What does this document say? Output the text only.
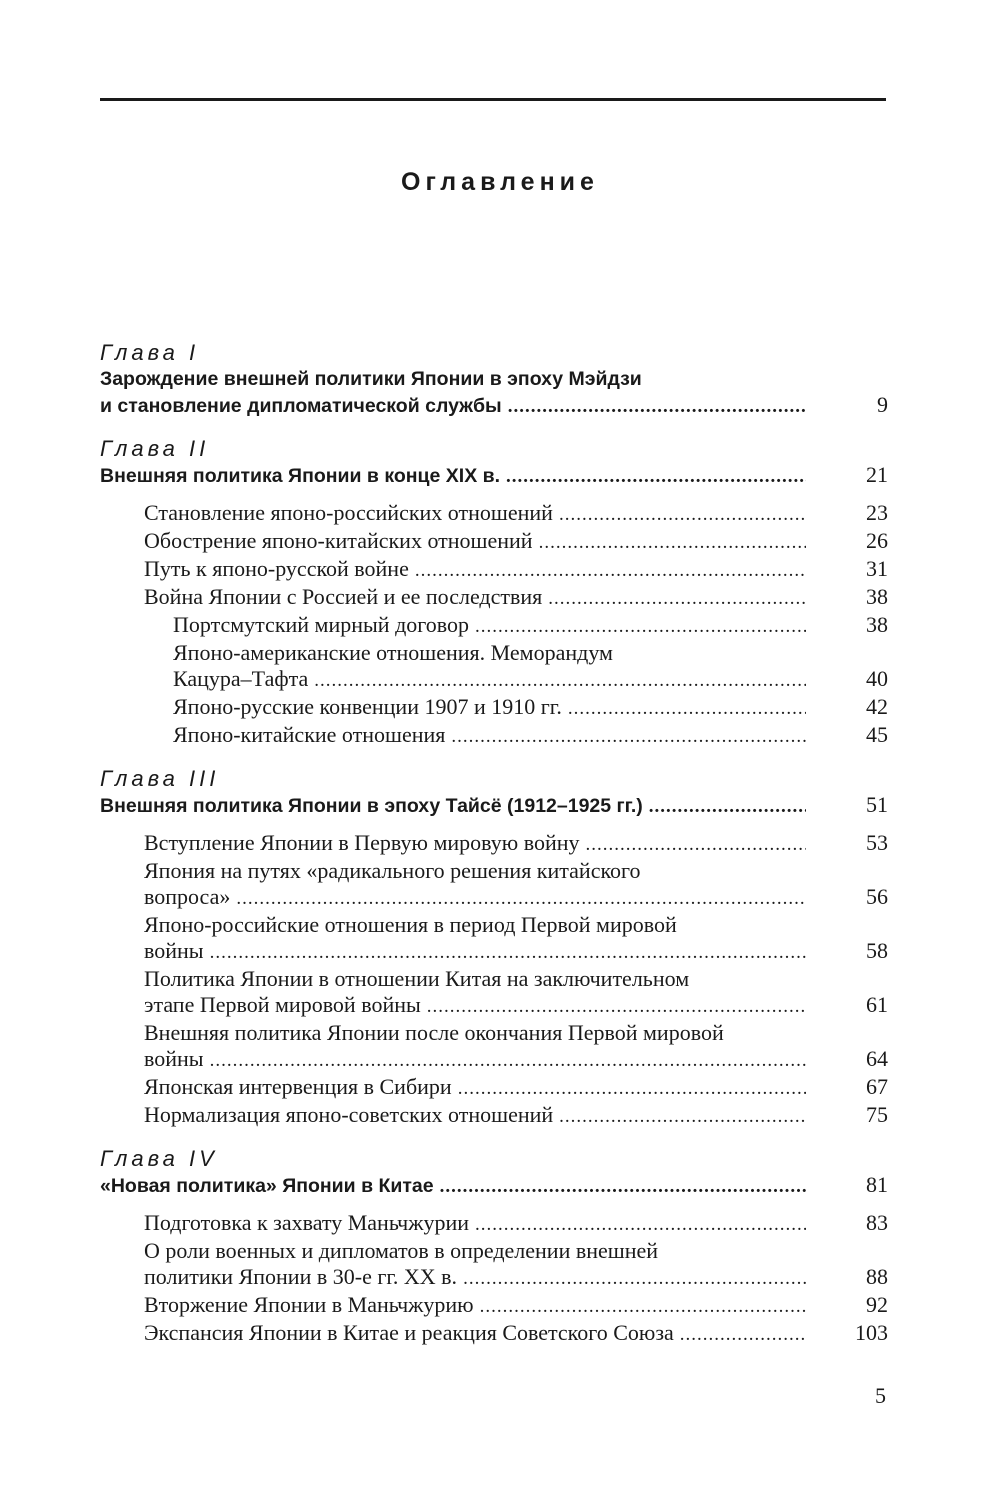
Оглавление
Глава I
Зарождение внешней политики Японии в эпоху Мэйдзи
и становление дипломатической службы .....	9
Глава II
Внешняя политика Японии в конце XIX в. .....	21
Становление японо-российских отношений .....	23
Обострение японо-китайских отношений .....	26
Путь к японо-русской войне .....	31
Война Японии с Россией и ее последствия .....	38
Портсмутский мирный договор .....	38
Японо-американские отношения. Меморандум
Кацура–Тафта .....	40
Японо-русские конвенции 1907 и 1910 гг. .....	42
Японо-китайские отношения .....	45
Глава III
Внешняя политика Японии в эпоху Тайсё (1912–1925 гг.) .....	51
Вступление Японии в Первую мировую войну .....	53
Япония на путях «радикального решения китайского
вопроса» .....	56
Японо-российские отношения в период Первой мировой
войны .....	58
Политика Японии в отношении Китая на заключительном
этапе Первой мировой войны .....	61
Внешняя политика Японии после окончания Первой мировой
войны .....	64
Японская интервенция в Сибири .....	67
Нормализация японо-советских отношений .....	75
Глава IV
«Новая политика» Японии в Китае .....	81
Подготовка к захвату Маньчжурии .....	83
О роли военных и дипломатов в определении внешней
политики Японии в 30-е гг. XX в. .....	88
Вторжение Японии в Маньчжурию .....	92
Экспансия Японии в Китае и реакция Советского Союза .....	103
5
